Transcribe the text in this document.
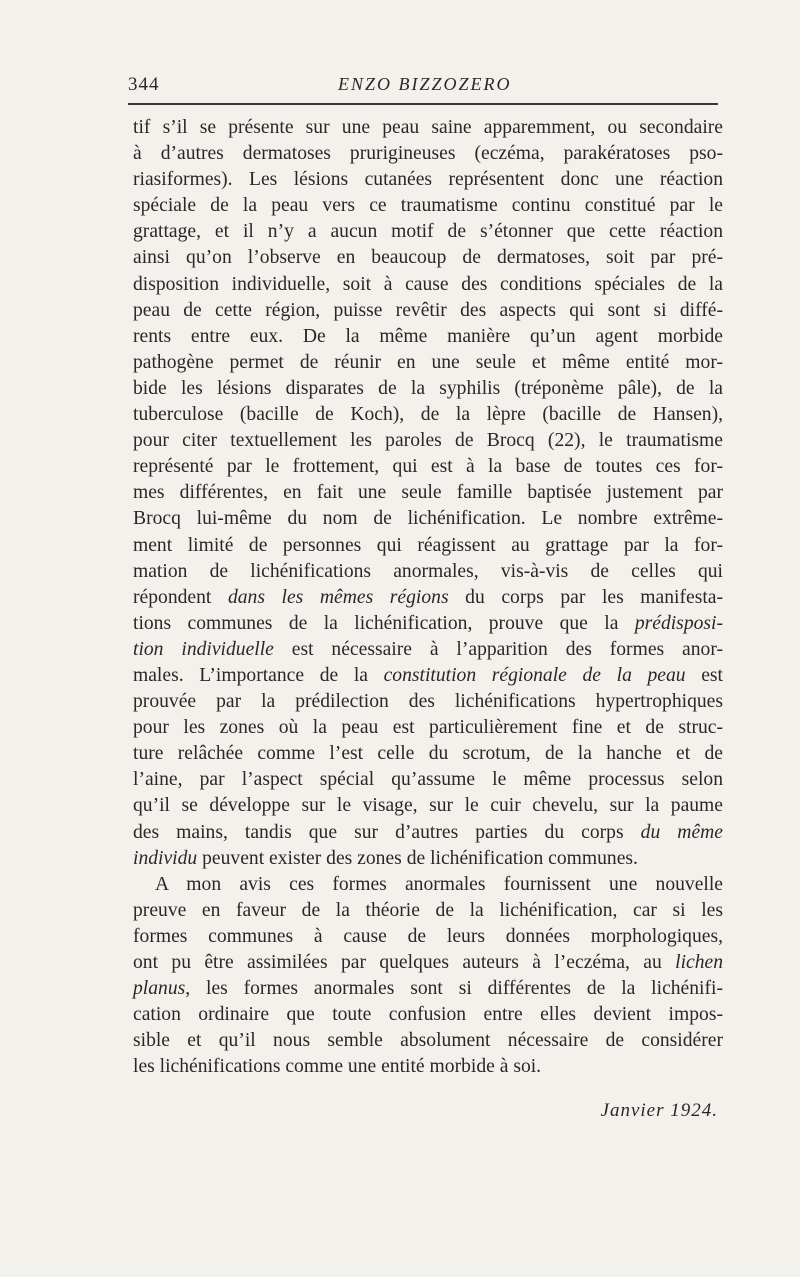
344	ENZO BIZZOZERO

tif s’il se présente sur une peau saine apparemment, ou secondaire
à d’autres dermatoses prurigineuses (eczéma, parakératoses pso-
riasiformes). Les lésions cutanées représentent donc une réaction
spéciale de la peau vers ce traumatisme continu constitué par le
grattage, et il n’y a aucun motif de s’étonner que cette réaction
ainsi qu’on l’observe en beaucoup de dermatoses, soit par pré-
disposition individuelle, soit à cause des conditions spéciales de la
peau de cette région, puisse revêtir des aspects qui sont si diffé-
rents entre eux. De la même manière qu’un agent morbide
pathogène permet de réunir en une seule et même entité mor-
bide les lésions disparates de la syphilis (tréponème pâle), de la
tuberculose (bacille de Koch), de la lèpre (bacille de Hansen),
pour citer textuellement les paroles de Brocq (22), le traumatisme
représenté par le frottement, qui est à la base de toutes ces for-
mes différentes, en fait une seule famille baptisée justement par
Brocq lui-même du nom de lichénification. Le nombre extrême-
ment limité de personnes qui réagissent au grattage par la for-
mation de lichénifications anormales, vis-à-vis de celles qui
répondent dans les mêmes régions du corps par les manifesta-
tions communes de la lichénification, prouve que la prédisposi-
tion individuelle est nécessaire à l’apparition des formes anor-
males. L’importance de la constitution régionale de la peau est
prouvée par la prédilection des lichénifications hypertrophiques
pour les zones où la peau est particulièrement fine et de struc-
ture relâchée comme l’est celle du scrotum, de la hanche et de
l’aine, par l’aspect spécial qu’assume le même processus selon
qu’il se développe sur le visage, sur le cuir chevelu, sur la paume
des mains, tandis que sur d’autres parties du corps du même
individu peuvent exister des zones de lichénification communes.

A mon avis ces formes anormales fournissent une nouvelle
preuve en faveur de la théorie de la lichénification, car si les
formes communes à cause de leurs données morphologiques,
ont pu être assimilées par quelques auteurs à l’eczéma, au lichen
planus, les formes anormales sont si différentes de la lichénifi-
cation ordinaire que toute confusion entre elles devient impos-
sible et qu’il nous semble absolument nécessaire de considérer
les lichénifications comme une entité morbide à soi.

Janvier 1924.
